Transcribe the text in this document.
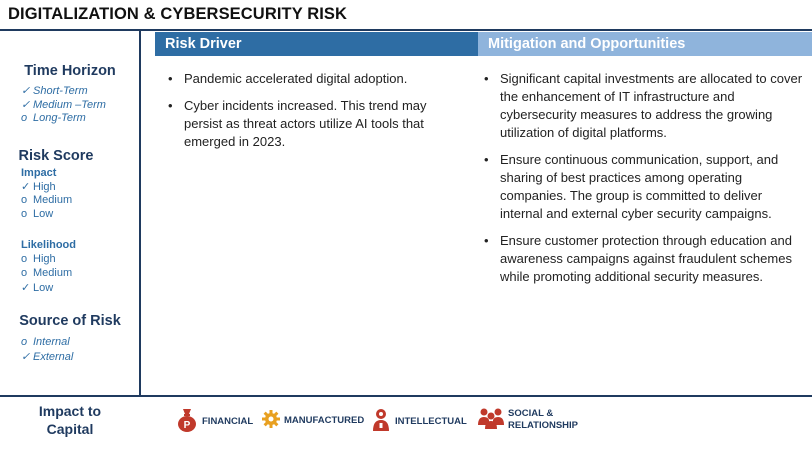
DIGITALIZATION & CYBERSECURITY RISK
Time Horizon
✓ Short-Term
✓ Medium –Term
o Long-Term
Risk Score
Impact
✓ High
o Medium
o Low
Likelihood
o High
o Medium
✓ Low
Source of Risk
o Internal
✓ External
Risk Driver	Mitigation and Opportunities
• Pandemic accelerated digital adoption.
• Cyber incidents increased. This trend may persist as threat actors utilize AI tools that emerged in 2023.
• Significant capital investments are allocated to cover the enhancement of IT infrastructure and cybersecurity measures to address the growing utilization of digital platforms.
• Ensure continuous communication, support, and sharing of best practices among operating companies. The group is committed to deliver internal and external cyber security campaigns.
• Ensure customer protection through education and awareness campaigns against fraudulent schemes while promoting additional security measures.
Impact to
Capital	P FINANCIAL	MANUFACTURED	INTELLECTUAL
SOCIAL &
RELATIONSHIP
